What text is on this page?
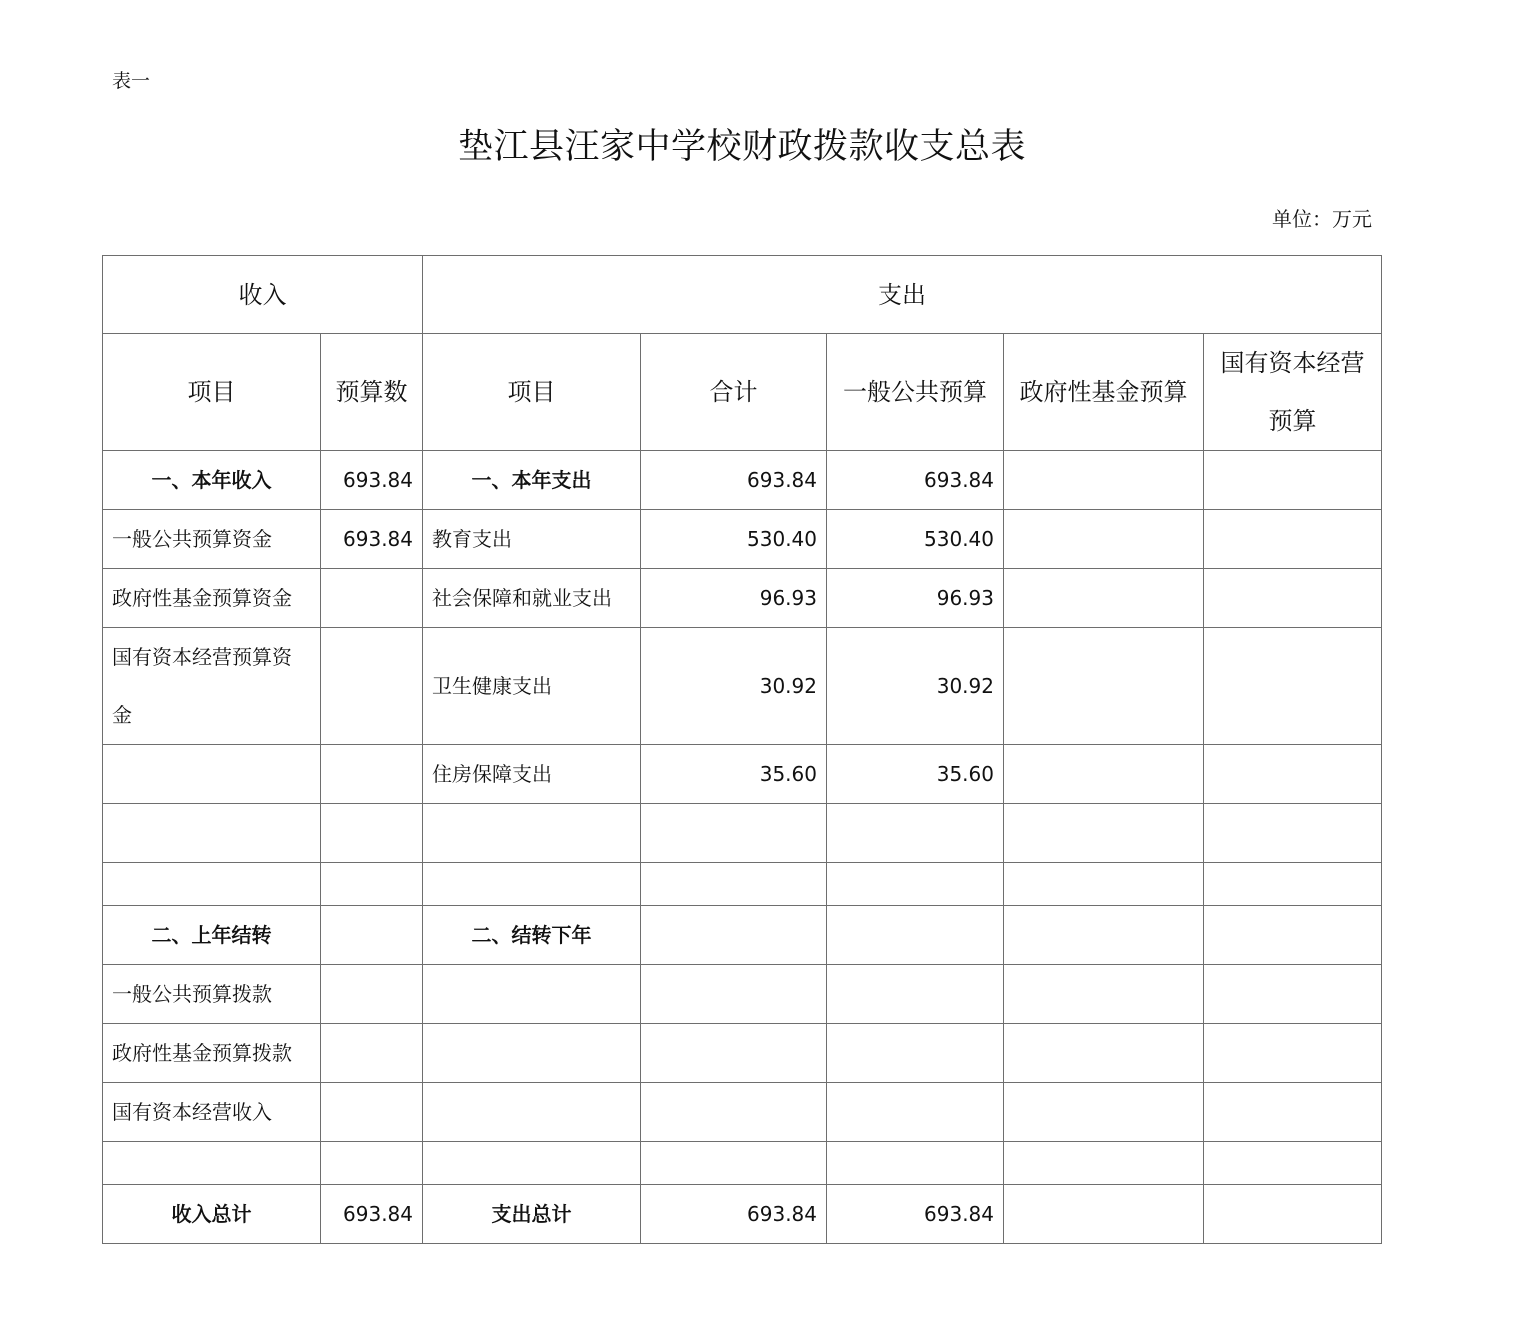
表一
垫江县汪家中学校财政拨款收支总表
单位：万元
收入		支出				
项目	预算数	项目	合计	一般公共预算	政府性基金预算	国有资本经营预算
一、本年收入	693.84	一、本年支出	693.84	693.84		
一般公共预算资金	693.84	教育支出	530.40	530.40		
政府性基金预算资金		社会保障和就业支出	96.93	96.93		
国有资本经营预算资金		卫生健康支出	30.92	30.92		
		住房保障支出	35.60	35.60		

二、上年结转		二、结转下年				
一般公共预算拨款						
政府性基金预算拨款						
国有资本经营收入						

收入总计	693.84	支出总计	693.84	693.84		
